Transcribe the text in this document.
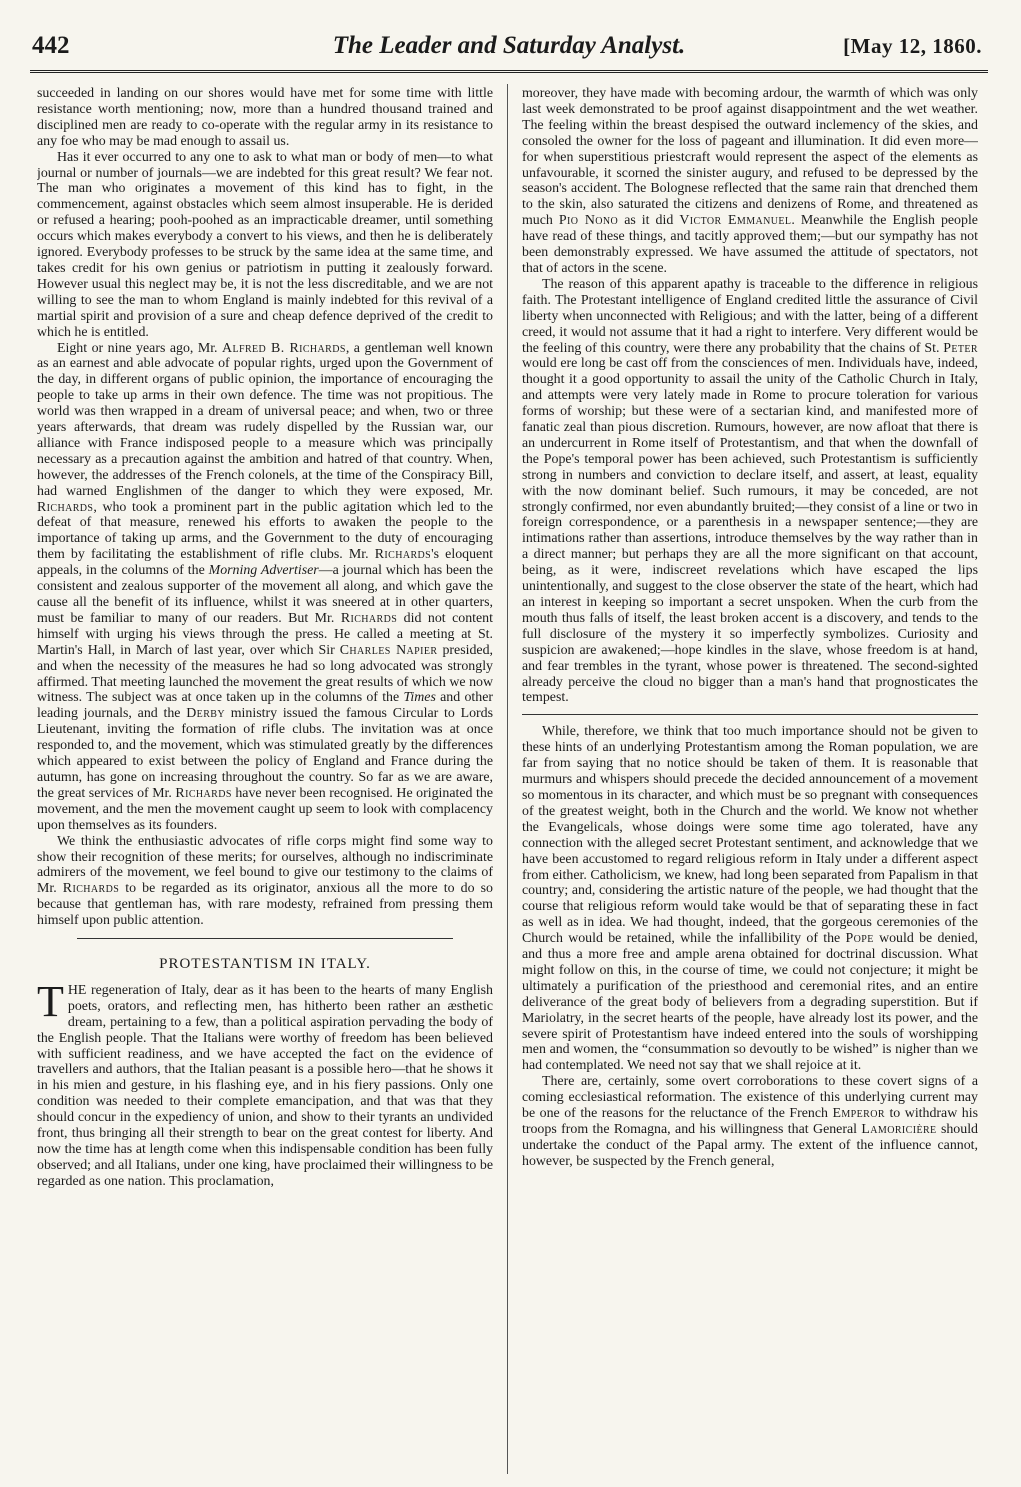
442	The Leader and Saturday Analyst.	[May 12, 1860.

succeeded in landing on our shores would have met for some time with little resistance worth mentioning; now, more than a hundred thousand trained and disciplined men are ready to co-operate with the regular army in its resistance to any foe who may be mad enough to assail us.

Has it ever occurred to any one to ask to what man or body of men—to what journal or number of journals—we are indebted for this great result? We fear not. The man who originates a movement of this kind has to fight, in the commencement, against obstacles which seem almost insuperable. He is derided or refused a hearing; pooh-poohed as an impracticable dreamer, until something occurs which makes everybody a convert to his views, and then he is deliberately ignored. Everybody professes to be struck by the same idea at the same time, and takes credit for his own genius or patriotism in putting it zealously forward. However usual this neglect may be, it is not the less discreditable, and we are not willing to see the man to whom England is mainly indebted for this revival of a martial spirit and provision of a sure and cheap defence deprived of the credit to which he is entitled.

Eight or nine years ago, Mr. Alfred B. Richards, a gentleman well known as an earnest and able advocate of popular rights, urged upon the Government of the day, in different organs of public opinion, the importance of encouraging the people to take up arms in their own defence. The time was not propitious. The world was then wrapped in a dream of universal peace; and when, two or three years afterwards, that dream was rudely dispelled by the Russian war, our alliance with France indisposed people to a measure which was principally necessary as a precaution against the ambition and hatred of that country. When, however, the addresses of the French colonels, at the time of the Conspiracy Bill, had warned Englishmen of the danger to which they were exposed, Mr. Richards, who took a prominent part in the public agitation which led to the defeat of that measure, renewed his efforts to awaken the people to the importance of taking up arms, and the Government to the duty of encouraging them by facilitating the establishment of rifle clubs. Mr. Richards's eloquent appeals, in the columns of the Morning Advertiser—a journal which has been the consistent and zealous supporter of the movement all along, and which gave the cause all the benefit of its influence, whilst it was sneered at in other quarters, must be familiar to many of our readers. But Mr. Richards did not content himself with urging his views through the press. He called a meeting at St. Martin's Hall, in March of last year, over which Sir Charles Napier presided, and when the necessity of the measures he had so long advocated was strongly affirmed. That meeting launched the movement the great results of which we now witness. The subject was at once taken up in the columns of the Times and other leading journals, and the Derby ministry issued the famous Circular to Lords Lieutenant, inviting the formation of rifle clubs. The invitation was at once responded to, and the movement, which was stimulated greatly by the differences which appeared to exist between the policy of England and France during the autumn, has gone on increasing throughout the country. So far as we are aware, the great services of Mr. Richards have never been recognised. He originated the movement, and the men the movement caught up seem to look with complacency upon themselves as its founders.

We think the enthusiastic advocates of rifle corps might find some way to show their recognition of these merits; for ourselves, although no indiscriminate admirers of the movement, we feel bound to give our testimony to the claims of Mr. Richards to be regarded as its originator, anxious all the more to do so because that gentleman has, with rare modesty, refrained from pressing them himself upon public attention.

PROTESTANTISM IN ITALY.

THE regeneration of Italy, dear as it has been to the hearts of many English poets, orators, and reflecting men, has hitherto been rather an æsthetic dream, pertaining to a few, than a political aspiration pervading the body of the English people. That the Italians were worthy of freedom has been believed with sufficient readiness, and we have accepted the fact on the evidence of travellers and authors, that the Italian peasant is a possible hero—that he shows it in his mien and gesture, in his flashing eye, and in his fiery passions. Only one condition was needed to their complete emancipation, and that was that they should concur in the expediency of union, and show to their tyrants an undivided front, thus bringing all their strength to bear on the great contest for liberty. And now the time has at length come when this indispensable condition has been fully observed; and all Italians, under one king, have proclaimed their willingness to be regarded as one nation. This proclamation,

moreover, they have made with becoming ardour, the warmth of which was only last week demonstrated to be proof against disappointment and the wet weather. The feeling within the breast despised the outward inclemency of the skies, and consoled the owner for the loss of pageant and illumination. It did even more—for when superstitious priestcraft would represent the aspect of the elements as unfavourable, it scorned the sinister augury, and refused to be depressed by the season's accident. The Bolognese reflected that the same rain that drenched them to the skin, also saturated the citizens and denizens of Rome, and threatened as much Pio Nono as it did Victor Emmanuel. Meanwhile the English people have read of these things, and tacitly approved them;—but our sympathy has not been demonstrably expressed. We have assumed the attitude of spectators, not that of actors in the scene.

The reason of this apparent apathy is traceable to the difference in religious faith. The Protestant intelligence of England credited little the assurance of Civil liberty when unconnected with Religious; and with the latter, being of a different creed, it would not assume that it had a right to interfere. Very different would be the feeling of this country, were there any probability that the chains of St. Peter would ere long be cast off from the consciences of men. Individuals have, indeed, thought it a good opportunity to assail the unity of the Catholic Church in Italy, and attempts were very lately made in Rome to procure toleration for various forms of worship; but these were of a sectarian kind, and manifested more of fanatic zeal than pious discretion. Rumours, however, are now afloat that there is an undercurrent in Rome itself of Protestantism, and that when the downfall of the Pope's temporal power has been achieved, such Protestantism is sufficiently strong in numbers and conviction to declare itself, and assert, at least, equality with the now dominant belief. Such rumours, it may be conceded, are not strongly confirmed, nor even abundantly bruited;—they consist of a line or two in foreign correspondence, or a parenthesis in a newspaper sentence;—they are intimations rather than assertions, introduce themselves by the way rather than in a direct manner; but perhaps they are all the more significant on that account, being, as it were, indiscreet revelations which have escaped the lips unintentionally, and suggest to the close observer the state of the heart, which had an interest in keeping so important a secret unspoken. When the curb from the mouth thus falls of itself, the least broken accent is a discovery, and tends to the full disclosure of the mystery it so imperfectly symbolizes. Curiosity and suspicion are awakened;—hope kindles in the slave, whose freedom is at hand, and fear trembles in the tyrant, whose power is threatened. The second-sighted already perceive the cloud no bigger than a man's hand that prognosticates the tempest.

While, therefore, we think that too much importance should not be given to these hints of an underlying Protestantism among the Roman population, we are far from saying that no notice should be taken of them. It is reasonable that murmurs and whispers should precede the decided announcement of a movement so momentous in its character, and which must be so pregnant with consequences of the greatest weight, both in the Church and the world. We know not whether the Evangelicals, whose doings were some time ago tolerated, have any connection with the alleged secret Protestant sentiment, and acknowledge that we have been accustomed to regard religious reform in Italy under a different aspect from either. Catholicism, we knew, had long been separated from Papalism in that country; and, considering the artistic nature of the people, we had thought that the course that religious reform would take would be that of separating these in fact as well as in idea. We had thought, indeed, that the gorgeous ceremonies of the Church would be retained, while the infallibility of the Pope would be denied, and thus a more free and ample arena obtained for doctrinal discussion. What might follow on this, in the course of time, we could not conjecture; it might be ultimately a purification of the priesthood and ceremonial rites, and an entire deliverance of the great body of believers from a degrading superstition. But if Mariolatry, in the secret hearts of the people, have already lost its power, and the severe spirit of Protestantism have indeed entered into the souls of worshipping men and women, the “consummation so devoutly to be wished” is nigher than we had contemplated. We need not say that we shall rejoice at it.

There are, certainly, some overt corroborations to these covert signs of a coming ecclesiastical reformation. The existence of this underlying current may be one of the reasons for the reluctance of the French Emperor to withdraw his troops from the Romagna, and his willingness that General Lamoricière should undertake the conduct of the Papal army. The extent of the influence cannot, however, be suspected by the French general,
